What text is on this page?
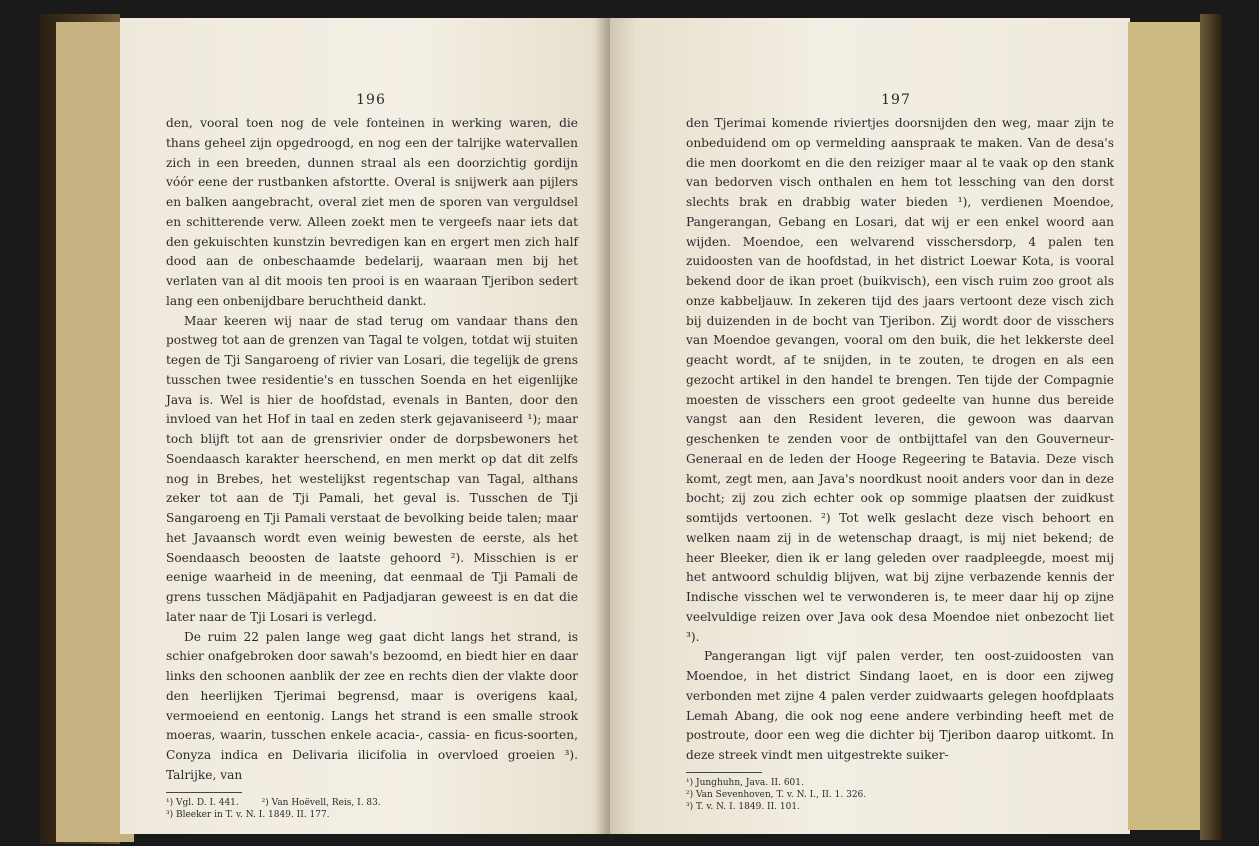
196

den, vooral toen nog de vele fonteinen in werking waren, die thans geheel zijn opgedroogd, en nog een der talrijke watervallen zich in een breeden, dunnen straal als een doorzichtig gordijn vóór eene der rustbanken afstortte. Overal is snijwerk aan pijlers en balken aangebracht, overal ziet men de sporen van verguldsel en schitterende verw. Alleen zoekt men te vergeefs naar iets dat den gekuischten kunstzin bevredigen kan en ergert men zich half dood aan de onbeschaamde bedelarij, waaraan men bij het verlaten van al dit moois ten prooi is en waaraan Tjeribon sedert lang een onbenijdbare beruchtheid dankt.

Maar keeren wij naar de stad terug om vandaar thans den postweg tot aan de grenzen van Tagal te volgen, totdat wij stuiten tegen de Tji Sangaroeng of rivier van Losari, die tegelijk de grens tusschen twee residentie's en tusschen Soenda en het eigenlijke Java is. Wel is hier de hoofdstad, evenals in Banten, door den invloed van het Hof in taal en zeden sterk gejavaniseerd ¹); maar toch blijft tot aan de grensrivier onder de dorpsbewoners het Soendaasch karakter heerschend, en men merkt op dat dit zelfs nog in Brebes, het westelijkst regentschap van Tagal, althans zeker tot aan de Tji Pamali, het geval is. Tusschen de Tji Sangaroeng en Tji Pamali verstaat de bevolking beide talen; maar het Javaansch wordt even weinig bewesten de eerste, als het Soendaasch beoosten de laatste gehoord ²). Misschien is er eenige waarheid in de meening, dat eenmaal de Tji Pamali de grens tusschen Mädjäpahit en Padjadjaran geweest is en dat die later naar de Tji Losari is verlegd.

De ruim 22 palen lange weg gaat dicht langs het strand, is schier onafgebroken door sawah's bezoomd, en biedt hier en daar links den schoonen aanblik der zee en rechts dien der vlakte door den heerlijken Tjerimai begrensd, maar is overigens kaal, vermoeiend en eentonig. Langs het strand is een smalle strook moeras, waarin, tusschen enkele acacia-, cassia- en ficus-soorten, Conyza indica en Delivaria ilicifolia in overvloed groeien ³). Talrijke, van

¹) Vgl. D. I. 441.        ²) Van Hoëvell, Reis, I. 83.
³) Bleeker in T. v. N. I. 1849. II. 177.
197

den Tjerimai komende riviertjes doorsnijden den weg, maar zijn te onbeduidend om op vermelding aanspraak te maken. Van de desa's die men doorkomt en die den reiziger maar al te vaak op den stank van bedorven visch onthalen en hem tot lessching van den dorst slechts brak en drabbig water bieden ¹), verdienen Moendoe, Pangerangan, Gebang en Losari, dat wij er een enkel woord aan wijden. Moendoe, een welvarend visschersdorp, 4 palen ten zuidoosten van de hoofdstad, in het district Loewar Kota, is vooral bekend door de ikan proet (buikvisch), een visch ruim zoo groot als onze kabbeljauw. In zekeren tijd des jaars vertoont deze visch zich bij duizenden in de bocht van Tjeribon. Zij wordt door de visschers van Moendoe gevangen, vooral om den buik, die het lekkerste deel geacht wordt, af te snijden, in te zouten, te drogen en als een gezocht artikel in den handel te brengen. Ten tijde der Compagnie moesten de visschers een groot gedeelte van hunne dus bereide vangst aan den Resident leveren, die gewoon was daarvan geschenken te zenden voor de ontbijttafel van den Gouverneur-Generaal en de leden der Hooge Regeering te Batavia. Deze visch komt, zegt men, aan Java's noordkust nooit anders voor dan in deze bocht; zij zou zich echter ook op sommige plaatsen der zuidkust somtijds vertoonen. ²) Tot welk geslacht deze visch behoort en welken naam zij in de wetenschap draagt, is mij niet bekend; de heer Bleeker, dien ik er lang geleden over raadpleegde, moest mij het antwoord schuldig blijven, wat bij zijne verbazende kennis der Indische visschen wel te verwonderen is, te meer daar hij op zijne veelvuldige reizen over Java ook desa Moendoe niet onbezocht liet ³).

Pangerangan ligt vijf palen verder, ten oost-zuidoosten van Moendoe, in het district Sindang laoet, en is door een zijweg verbonden met zijne 4 palen verder zuidwaarts gelegen hoofdplaats Lemah Abang, die ook nog eene andere verbinding heeft met de postroute, door een weg die dichter bij Tjeribon daarop uitkomt. In deze streek vindt men uitgestrekte suiker-

¹) Junghuhn, Java. II. 601.
²) Van Sevenhoven, T. v. N. I., II. 1. 326.
³) T. v. N. I. 1849. II. 101.
